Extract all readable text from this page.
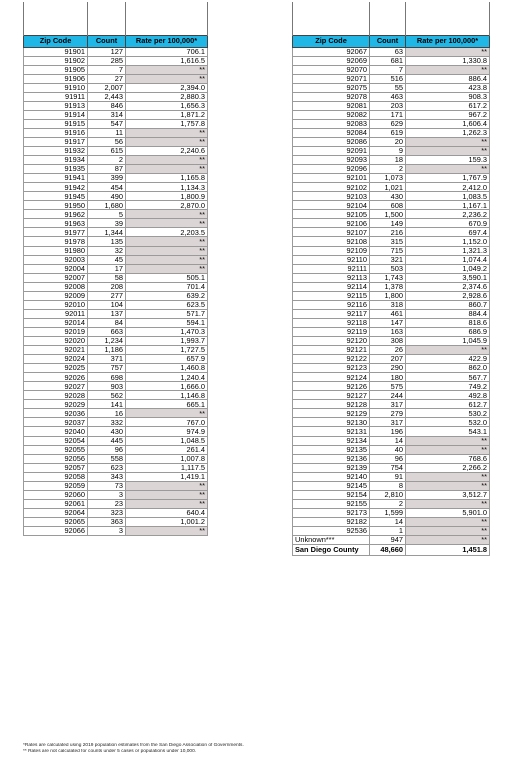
Zip Code	Count	Rate per 100,000*
91901	127	706.1
91902	285	1,616.5
91905	7	**
91906	27	**
91910	2,007	2,394.0
91911	2,443	2,880.3
91913	846	1,656.3
91914	314	1,871.2
91915	547	1,757.8
91916	11	**
91917	56	**
91932	615	2,240.6
91934	2	**
91935	87	**
91941	399	1,165.8
91942	454	1,134.3
91945	490	1,800.9
91950	1,680	2,870.0
91962	5	**
91963	39	**
91977	1,344	2,203.5
91978	135	**
91980	32	**
92003	45	**
92004	17	**
92007	58	505.1
92008	208	701.4
92009	277	639.2
92010	104	623.5
92011	137	571.7
92014	84	594.1
92019	663	1,470.3
92020	1,234	1,993.7
92021	1,186	1,727.5
92024	371	657.9
92025	757	1,460.8
92026	698	1,240.4
92027	903	1,666.0
92028	562	1,146.8
92029	141	665.1
92036	16	**
92037	332	767.0
92040	430	974.9
92054	445	1,048.5
92055	96	261.4
92056	558	1,007.8
92057	623	1,117.5
92058	343	1,419.1
92059	73	**
92060	3	**
92061	23	**
92064	323	640.4
92065	363	1,001.2
92066	3	**

Zip Code	Count	Rate per 100,000*
92067	63	**
92069	681	1,330.8
92070	7	**
92071	516	886.4
92075	55	423.8
92078	463	908.3
92081	203	617.2
92082	171	967.2
92083	629	1,606.4
92084	619	1,262.3
92086	20	**
92091	9	**
92093	18	159.3
92096	2	**
92101	1,073	1,767.9
92102	1,021	2,412.0
92103	430	1,083.5
92104	608	1,167.1
92105	1,500	2,236.2
92106	149	670.9
92107	216	697.4
92108	315	1,152.0
92109	715	1,321.3
92110	321	1,074.4
92111	503	1,049.2
92113	1,743	3,590.1
92114	1,378	2,374.6
92115	1,800	2,928.6
92116	318	860.7
92117	461	884.4
92118	147	818.6
92119	163	686.9
92120	308	1,045.9
92121	26	**
92122	207	422.9
92123	290	862.0
92124	180	567.7
92126	575	749.2
92127	244	492.8
92128	317	612.7
92129	279	530.2
92130	317	532.0
92131	196	543.1
92134	14	**
92135	40	**
92136	96	768.6
92139	754	2,266.2
92140	91	**
92145	8	**
92154	2,810	3,512.7
92155	2	**
92173	1,599	5,901.0
92182	14	**
92536	1	**
Unknown***	947	**
San Diego County	48,660	1,451.8
*Rates are calculated using 2019 population estimates from the San Diego Association of Governments.
** Rates are not calculated for counts under 5 cases or populations under 10,000.
